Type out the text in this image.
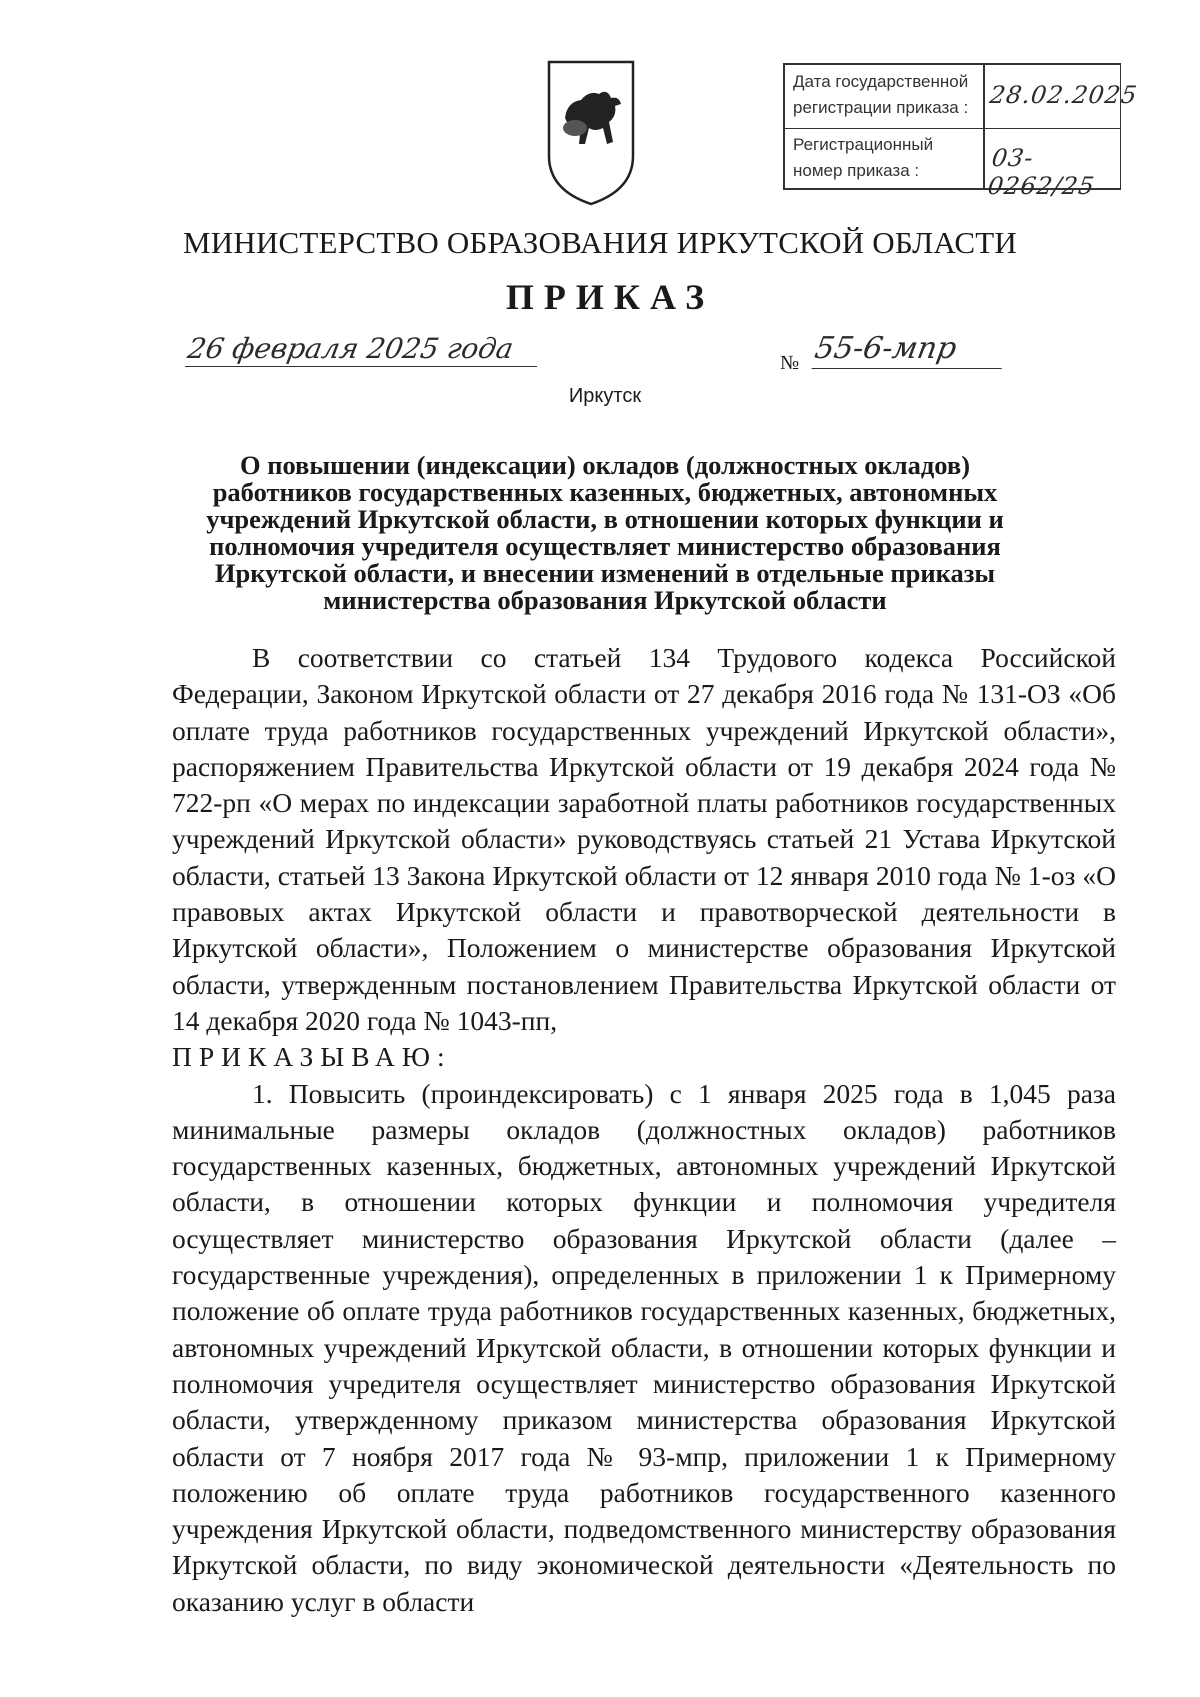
Дата государственной регистрации приказа : 28.02.2025
Регистрационный номер приказа :	03-0262/25
МИНИСТЕРСТВО ОБРАЗОВАНИЯ ИРКУТСКОЙ ОБЛАСТИ
ПРИКАЗ
26 февраля 2025 года	№ 55-6-мпр
Иркутск
О повышении (индексации) окладов (должностных окладов) работников государственных казенных, бюджетных, автономных учреждений Иркутской области, в отношении которых функции и полномочия учредителя осуществляет министерство образования Иркутской области, и внесении изменений в отдельные приказы министерства образования Иркутской области

В соответствии со статьей 134 Трудового кодекса Российской Федерации, Законом Иркутской области от 27 декабря 2016 года № 131-ОЗ «Об оплате труда работников государственных учреждений Иркутской области», распоряжением Правительства Иркутской области от 19 декабря 2024 года № 722-рп «О мерах по индексации заработной платы работников государственных учреждений Иркутской области» руководствуясь статьей 21 Устава Иркутской области, статьей 13 Закона Иркутской области от 12 января 2010 года № 1-оз «О правовых актах Иркутской области и правотворческой деятельности в Иркутской области», Положением о министерстве образования Иркутской области, утвержденным постановлением Правительства Иркутской области от 14 декабря 2020 года № 1043-пп,

ПРИКАЗЫВАЮ:

1. Повысить (проиндексировать) с 1 января 2025 года в 1,045 раза минимальные размеры окладов (должностных окладов) работников государственных казенных, бюджетных, автономных учреждений Иркутской области, в отношении которых функции и полномочия учредителя осуществляет министерство образования Иркутской области (далее – государственные учреждения), определенных в приложении 1 к Примерному положение об оплате труда работников государственных казенных, бюджетных, автономных учреждений Иркутской области, в отношении которых функции и полномочия учредителя осуществляет министерство образования Иркутской области, утвержденному приказом министерства образования Иркутской области от 7 ноября 2017 года № 93-мпр, приложении 1 к Примерному положению об оплате труда работников государственного казенного учреждения Иркутской области, подведомственного министерству образования Иркутской области, по виду экономической деятельности «Деятельность по оказанию услуг в области
